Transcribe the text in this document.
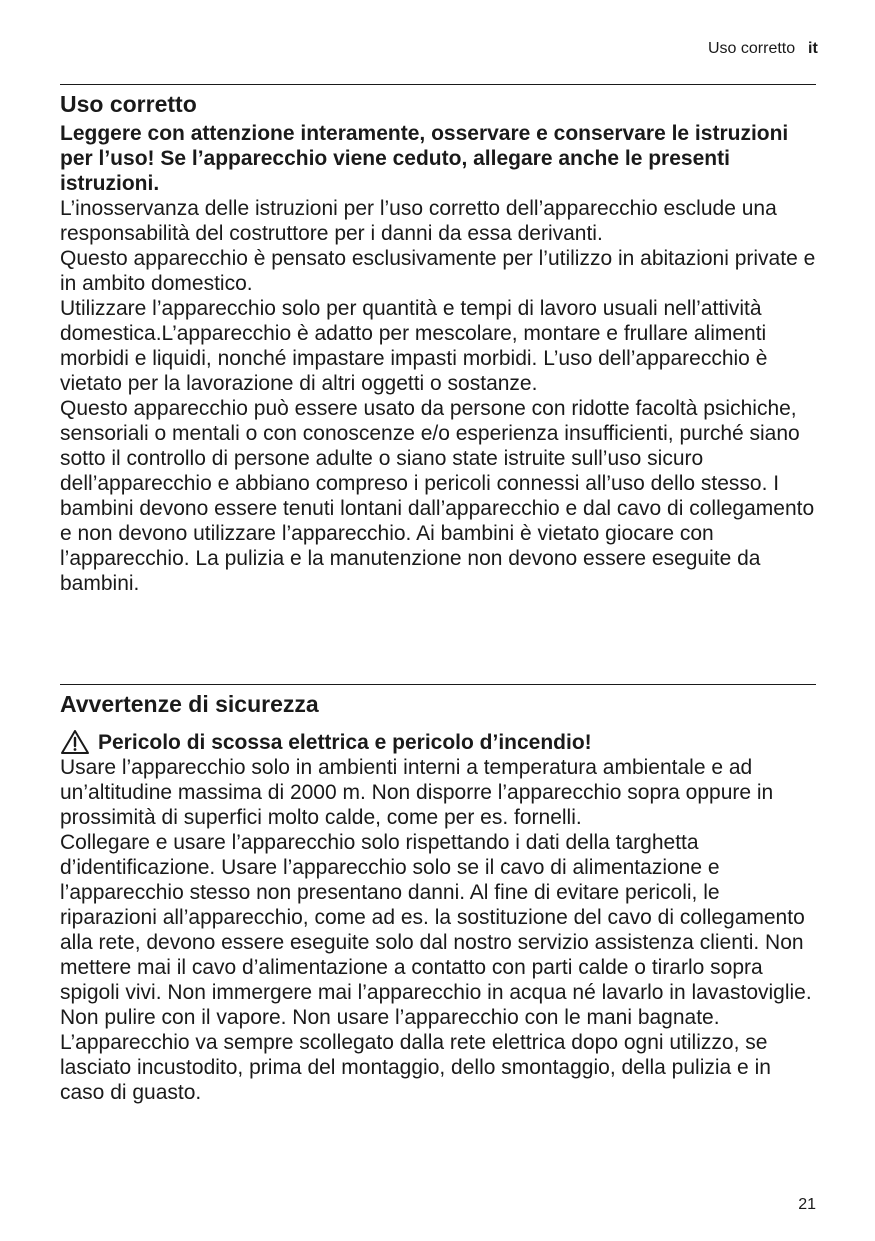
Uso corretto it
Uso corretto

Leggere con attenzione interamente, osservare e conservare le istruzioni per l’uso! Se l’apparecchio viene ceduto, allegare anche le presenti istruzioni.

L’inosservanza delle istruzioni per l’uso corretto dell’apparecchio esclude una responsabilità del costruttore per i danni da essa derivanti.

Questo apparecchio è pensato esclusivamente per l’utilizzo in abitazioni private e in ambito domestico.

Utilizzare l’apparecchio solo per quantità e tempi di lavoro usuali nell’attività domestica.L’apparecchio è adatto per mescolare, montare e frullare alimenti morbidi e liquidi, nonché impastare impasti morbidi. L’uso dell’apparecchio è vietato per la lavorazione di altri oggetti o sostanze.

Questo apparecchio può essere usato da persone con ridotte facoltà psichiche, sensoriali o mentali o con conoscenze e/o esperienza insufficienti, purché siano sotto il controllo di persone adulte o siano state istruite sull’uso sicuro dell’apparecchio e abbiano compreso i pericoli connessi all’uso dello stesso. I bambini devono essere tenuti lontani dall’apparecchio e dal cavo di collegamento e non devono utilizzare l’apparecchio. Ai bambini è vietato giocare con l’apparecchio. La pulizia e la manutenzione non devono essere eseguite da bambini.

Avvertenze di sicurezza
Pericolo di scossa elettrica e pericolo d’incendio!

Usare l’apparecchio solo in ambienti interni a temperatura ambientale e ad un’altitudine massima di 2000 m. Non disporre l’apparecchio sopra oppure in prossimità di superfici molto calde, come per es. fornelli.

Collegare e usare l’apparecchio solo rispettando i dati della targhetta d’identificazione. Usare l’apparecchio solo se il cavo di alimentazione e l’apparecchio stesso non presentano danni. Al fine di evitare pericoli, le riparazioni all’apparecchio, come ad es. la sostituzione del cavo di collegamento alla rete, devono essere eseguite solo dal nostro servizio assistenza clienti. Non mettere mai il cavo d’alimentazione a contatto con parti calde o tirarlo sopra spigoli vivi. Non immergere mai l’apparecchio in acqua né lavarlo in lavastoviglie. Non pulire con il vapore. Non usare l’apparecchio con le mani bagnate.

L’apparecchio va sempre scollegato dalla rete elettrica dopo ogni utilizzo, se lasciato incustodito, prima del montaggio, dello smontaggio, della pulizia e in caso di guasto.

21
